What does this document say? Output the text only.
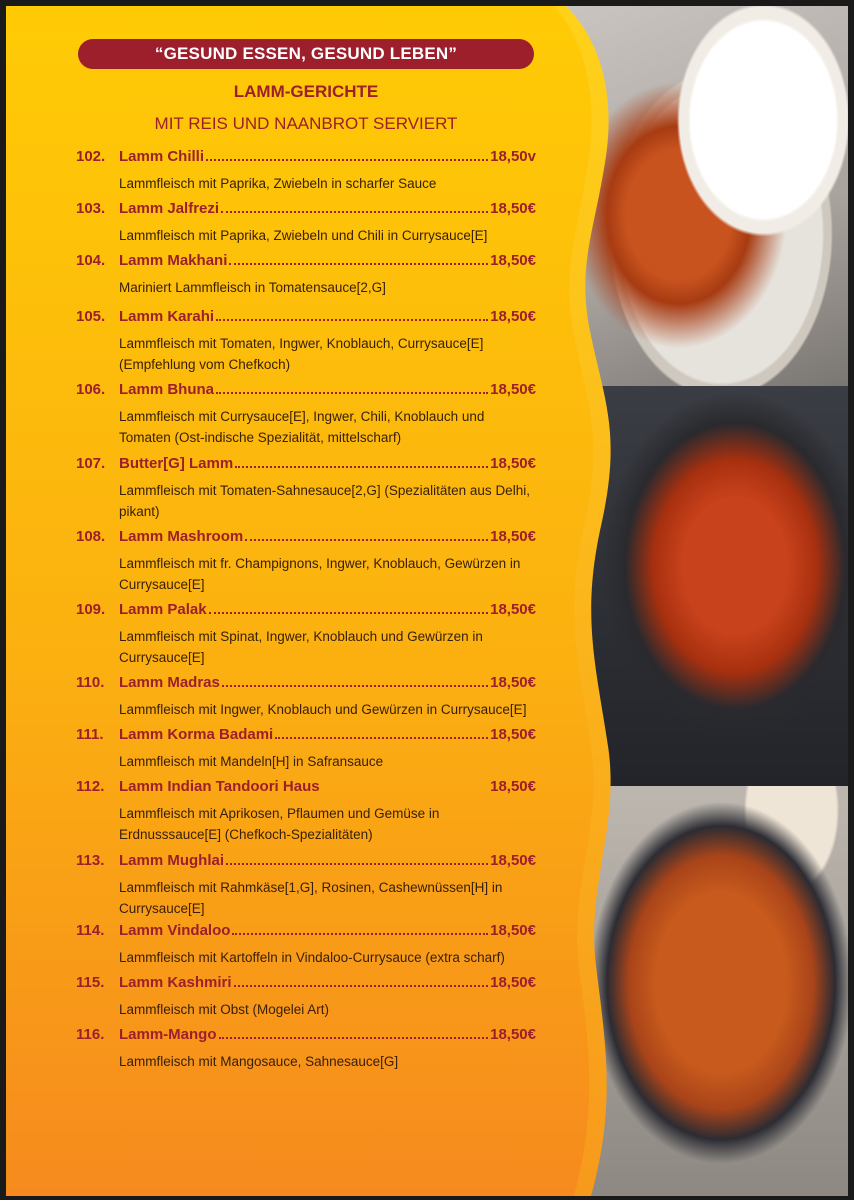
“GESUND ESSEN, GESUND LEBEN”
LAMM-GERICHTE
MIT REIS UND NAANBROT SERVIERT
102. Lamm Chilli	18,50v
Lammfleisch mit Paprika, Zwiebeln in scharfer Sauce
103. Lamm Jalfrezi	18,50€
Lammfleisch mit Paprika, Zwiebeln und Chili in Currysauce[E]
104. Lamm Makhani	18,50€
Mariniert Lammfleisch in Tomatensauce[2,G]
105. Lamm Karahi	18,50€
Lammfleisch mit Tomaten, Ingwer, Knoblauch, Currysauce[E] (Empfehlung vom Chefkoch)
106. Lamm Bhuna	18,50€
Lammfleisch mit Currysauce[E], Ingwer, Chili, Knoblauch und Tomaten (Ost-indische Spezialität, mittelscharf)
107. Butter[G] Lamm	18,50€
Lammfleisch mit Tomaten-Sahnesauce[2,G] (Spezialitäten aus Delhi, pikant)
108. Lamm Mashroom	18,50€
Lammfleisch mit fr. Champignons, Ingwer, Knoblauch, Gewürzen in Currysauce[E]
109. Lamm Palak	18,50€
Lammfleisch mit Spinat, Ingwer, Knoblauch und Gewürzen in Currysauce[E]
110. Lamm Madras	18,50€
Lammfleisch mit Ingwer, Knoblauch und Gewürzen in Currysauce[E]
111.	Lamm Korma Badami	18,50€
Lammfleisch mit Mandeln[H] in Safransauce
112. Lamm Indian Tandoori Haus	18,50€
Lammfleisch mit Aprikosen, Pflaumen und Gemüse in Erdnusssauce[E] (Chefkoch-Spezialitäten)
113. Lamm Mughlai	18,50€
Lammfleisch mit Rahmkäse[1,G], Rosinen, Cashewnüssen[H] in Currysauce[E]
114. Lamm Vindaloo	18,50€
Lammfleisch mit Kartoffeln in Vindaloo-Currysauce (extra scharf)
115. Lamm Kashmiri	18,50€
Lammfleisch mit Obst (Mogelei Art)
116. Lamm-Mango	18,50€
Lammfleisch mit Mangosauce, Sahnesauce[G]
